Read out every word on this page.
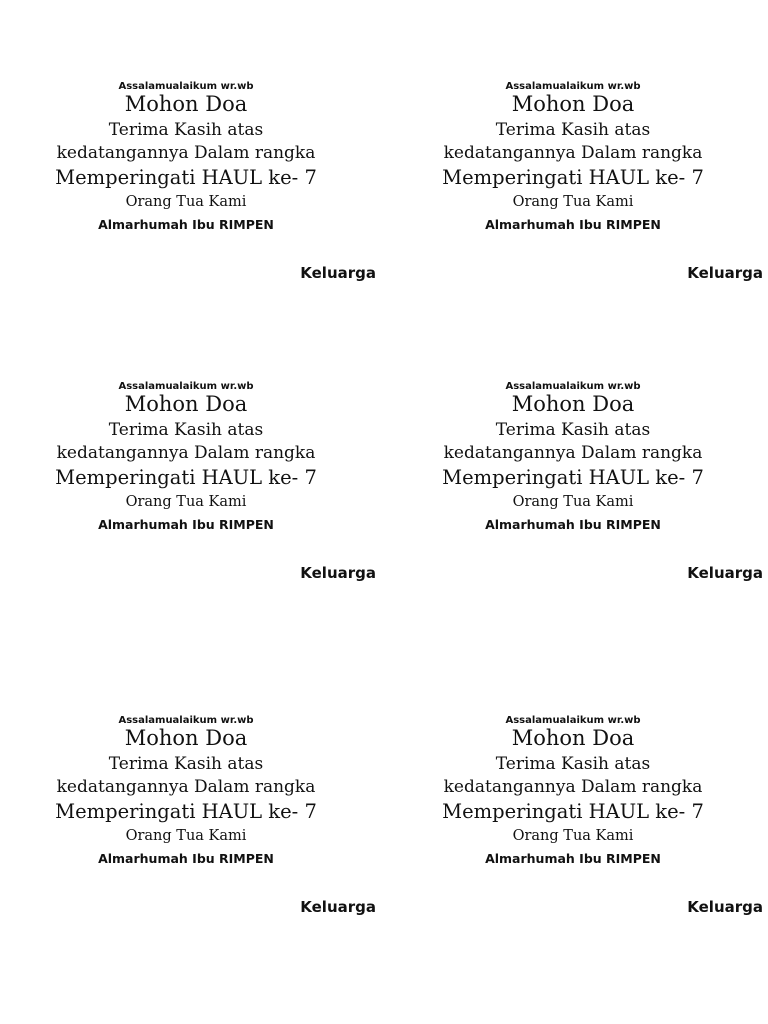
Assalamualaikum wr.wb
Mohon Doa
Terima Kasih atas
kedatangannya Dalam rangka
Memperingati HAUL ke- 7
Orang Tua Kami
Almarhumah Ibu RIMPEN
Keluarga
Assalamualaikum wr.wb
Mohon Doa
Terima Kasih atas
kedatangannya Dalam rangka
Memperingati HAUL ke- 7
Orang Tua Kami
Almarhumah Ibu RIMPEN
Keluarga
Assalamualaikum wr.wb
Mohon Doa
Terima Kasih atas
kedatangannya Dalam rangka
Memperingati HAUL ke- 7
Orang Tua Kami
Almarhumah Ibu RIMPEN
Keluarga
Assalamualaikum wr.wb
Mohon Doa
Terima Kasih atas
kedatangannya Dalam rangka
Memperingati HAUL ke- 7
Orang Tua Kami
Almarhumah Ibu RIMPEN
Keluarga
Assalamualaikum wr.wb
Mohon Doa
Terima Kasih atas
kedatangannya Dalam rangka
Memperingati HAUL ke- 7
Orang Tua Kami
Almarhumah Ibu RIMPEN
Keluarga
Assalamualaikum wr.wb
Mohon Doa
Terima Kasih atas
kedatangannya Dalam rangka
Memperingati HAUL ke- 7
Orang Tua Kami
Almarhumah Ibu RIMPEN
Keluarga
